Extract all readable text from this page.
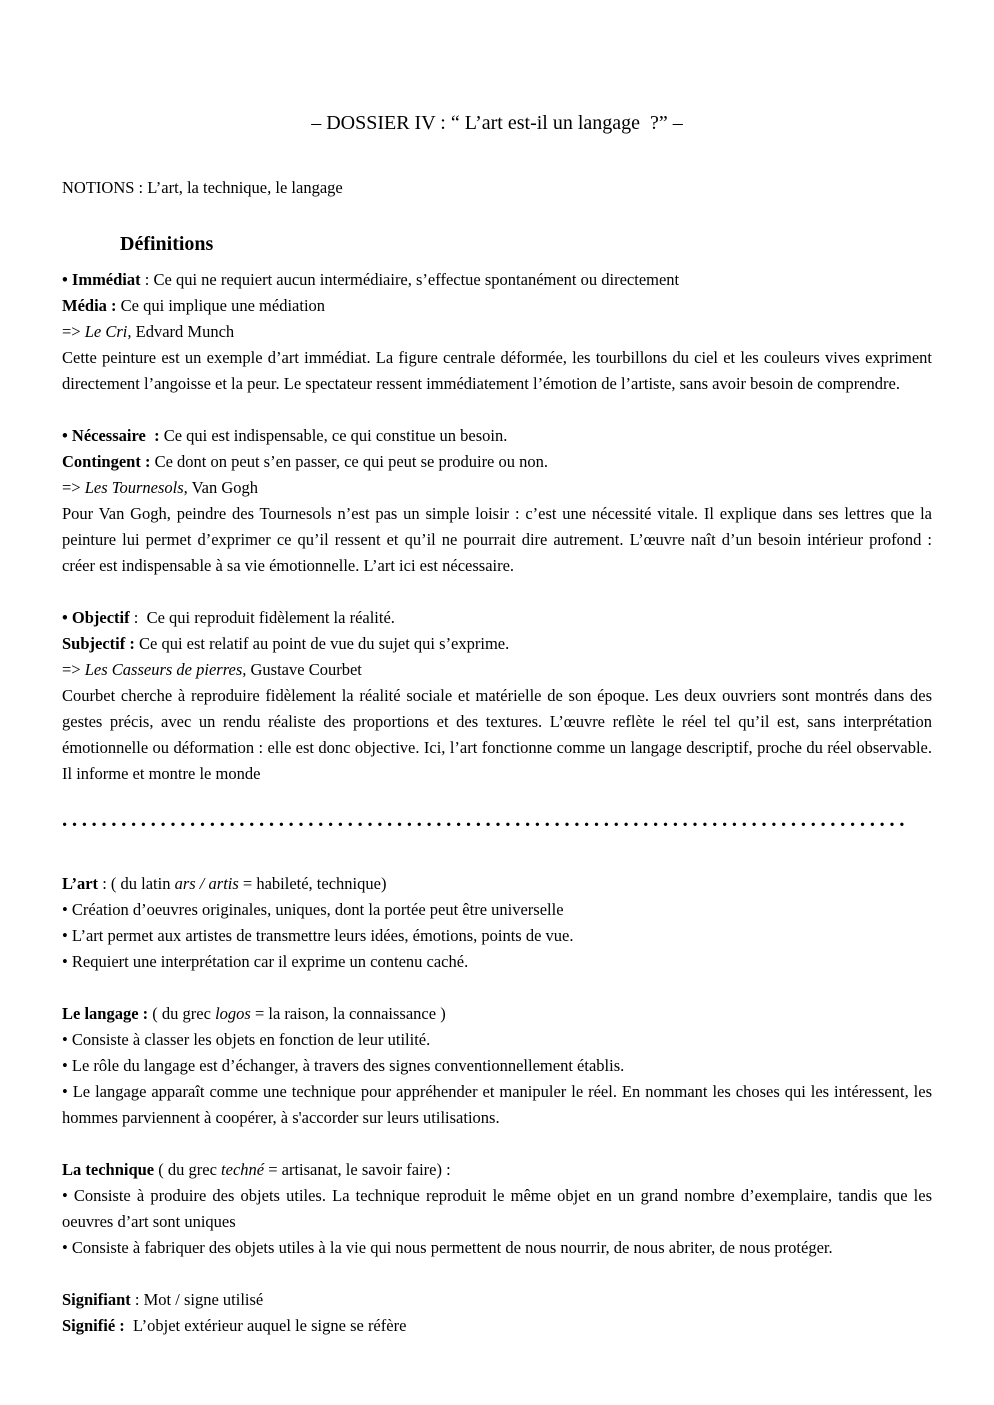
– DOSSIER IV : “ L’art est-il un langage  ?” –

NOTIONS : L’art, la technique, le langage

Définitions

• Immédiat : Ce qui ne requiert aucun intermédiaire, s’effectue spontanément ou directement

Média : Ce qui implique une médiation

=> Le Cri, Edvard Munch

Cette peinture est un exemple d’art immédiat. La figure centrale déformée, les tourbillons du ciel et les couleurs vives expriment directement l’angoisse et la peur. Le spectateur ressent immédiatement l’émotion de l’artiste, sans avoir besoin de comprendre.

• Nécessaire  : Ce qui est indispensable, ce qui constitue un besoin.

Contingent : Ce dont on peut s’en passer, ce qui peut se produire ou non.

=> Les Tournesols, Van Gogh

Pour Van Gogh, peindre des Tournesols n’est pas un simple loisir : c’est une nécessité vitale. Il explique dans ses lettres que la peinture lui permet d’exprimer ce qu’il ressent et qu’il ne pourrait dire autrement. L’œuvre naît d’un besoin intérieur profond : créer est indispensable à sa vie émotionnelle. L’art ici est nécessaire.

• Objectif :  Ce qui reproduit fidèlement la réalité.

Subjectif : Ce qui est relatif au point de vue du sujet qui s’exprime.

=> Les Casseurs de pierres, Gustave Courbet

Courbet cherche à reproduire fidèlement la réalité sociale et matérielle de son époque. Les deux ouvriers sont montrés dans des gestes précis, avec un rendu réaliste des proportions et des textures. L’œuvre reflète le réel tel qu’il est, sans interprétation émotionnelle ou déformation : elle est donc objective. Ici, l’art fonctionne comme un langage descriptif, proche du réel observable. Il informe et montre le monde

......................................................................................

L’art : ( du latin ars / artis = habileté, technique)

• Création d’oeuvres originales, uniques, dont la portée peut être universelle

• L’art permet aux artistes de transmettre leurs idées, émotions, points de vue.

• Requiert une interprétation car il exprime un contenu caché.

Le langage : ( du grec logos = la raison, la connaissance )

• Consiste à classer les objets en fonction de leur utilité.

• Le rôle du langage est d’échanger, à travers des signes conventionnellement établis.

• Le langage apparaît comme une technique pour appréhender et manipuler le réel. En nommant les choses qui les intéressent, les hommes parviennent à coopérer, à s'accorder sur leurs utilisations.

La technique ( du grec techné = artisanat, le savoir faire) :

• Consiste à produire des objets utiles. La technique reproduit le même objet en un grand nombre d’exemplaire, tandis que les oeuvres d’art sont uniques

• Consiste à fabriquer des objets utiles à la vie qui nous permettent de nous nourrir, de nous abriter, de nous protéger.

Signifiant : Mot / signe utilisé

Signifié :  L’objet extérieur auquel le signe se réfère
